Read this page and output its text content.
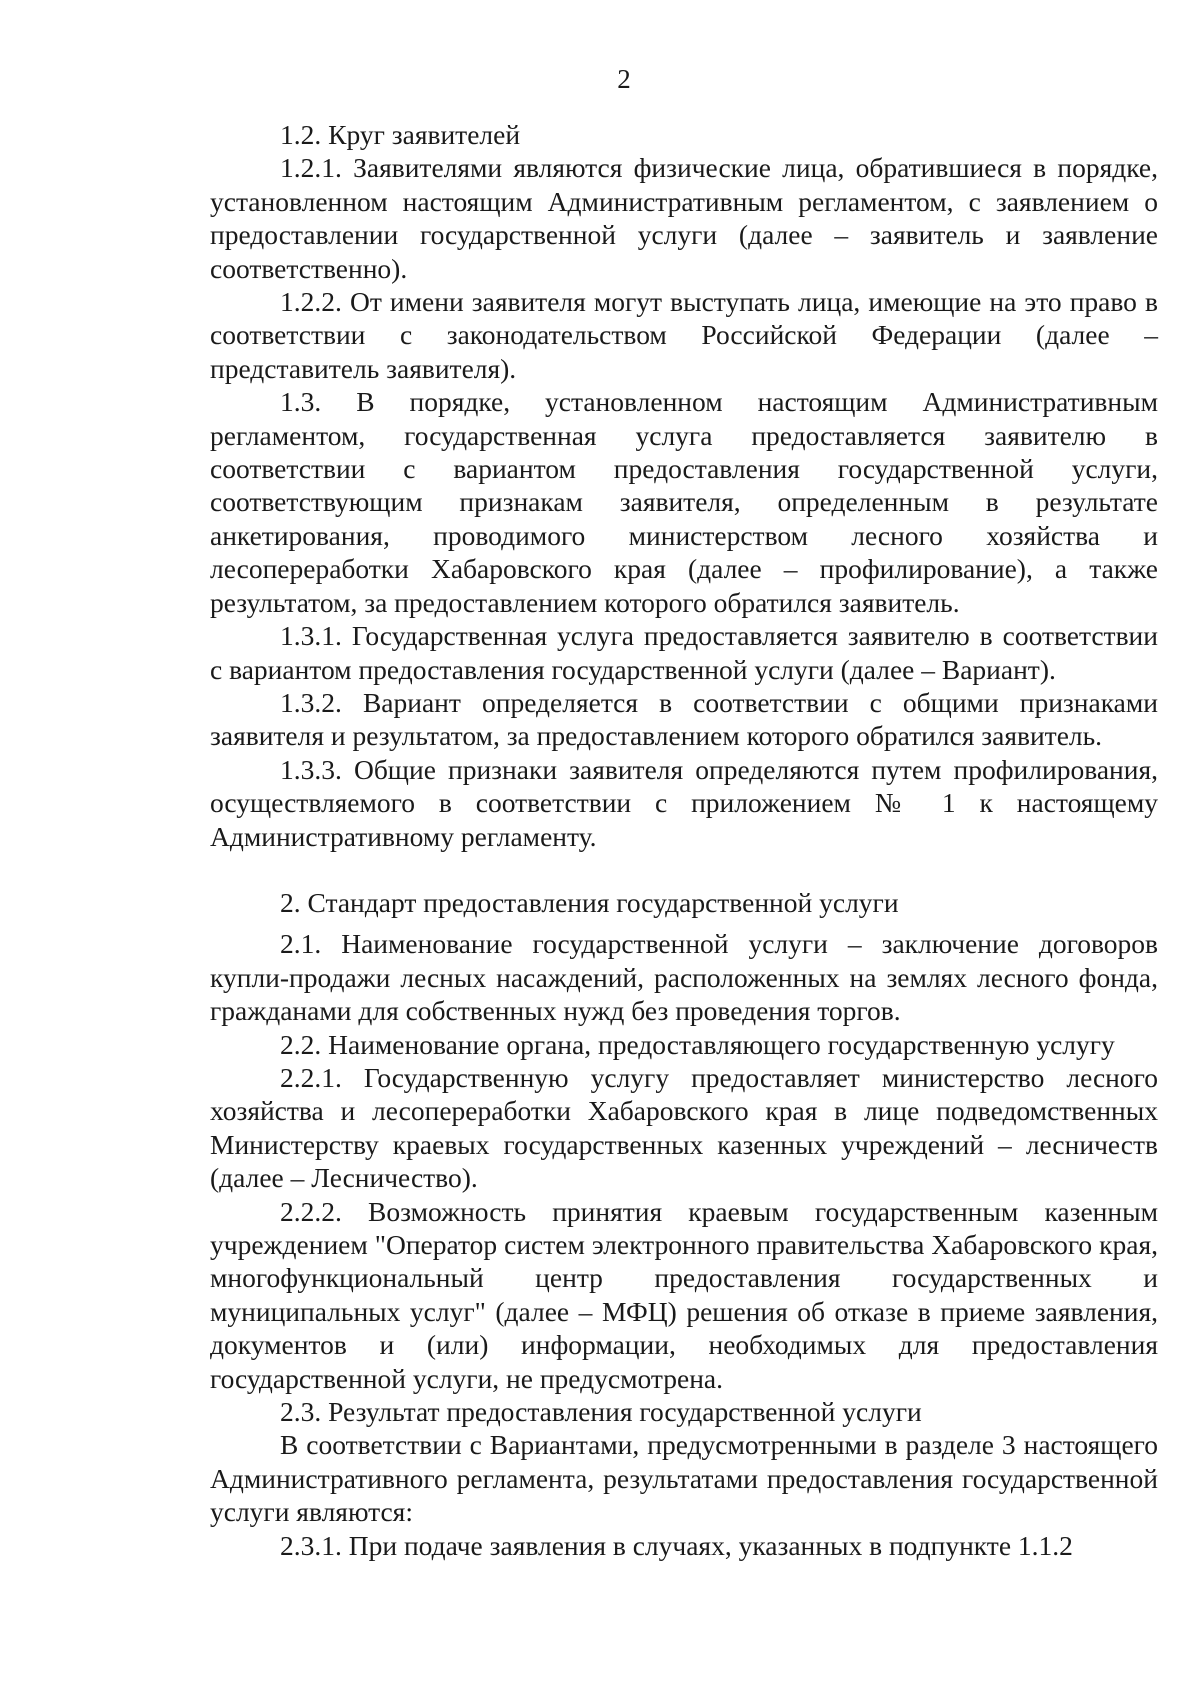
2

1.2. Круг заявителей

1.2.1. Заявителями являются физические лица, обратившиеся в порядке, установленном настоящим Административным регламентом, с заявлением о предоставлении государственной услуги (далее – заявитель и заявление соответственно).

1.2.2. От имени заявителя могут выступать лица, имеющие на это право в соответствии с законодательством Российской Федерации (далее – представитель заявителя).

1.3. В порядке, установленном настоящим Административным регламентом, государственная услуга предоставляется заявителю в соответствии с вариантом предоставления государственной услуги, соответствующим признакам заявителя, определенным в результате анкетирования, проводимого министерством лесного хозяйства и лесопереработки Хабаровского края (далее – профилирование), а также результатом, за предоставлением которого обратился заявитель.

1.3.1. Государственная услуга предоставляется заявителю в соответствии с вариантом предоставления государственной услуги (далее – Вариант).

1.3.2. Вариант определяется в соответствии с общими признаками заявителя и результатом, за предоставлением которого обратился заявитель.

1.3.3. Общие признаки заявителя определяются путем профилирования, осуществляемого в соответствии с приложением № 1 к настоящему Административному регламенту.

2. Стандарт предоставления государственной услуги

2.1. Наименование государственной услуги – заключение договоров купли-продажи лесных насаждений, расположенных на землях лесного фонда, гражданами для собственных нужд без проведения торгов.

2.2. Наименование органа, предоставляющего государственную услугу

2.2.1. Государственную услугу предоставляет министерство лесного хозяйства и лесопереработки Хабаровского края в лице подведомственных Министерству краевых государственных казенных учреждений – лесничеств (далее – Лесничество).

2.2.2. Возможность принятия краевым государственным казенным учреждением "Оператор систем электронного правительства Хабаровского края, многофункциональный центр предоставления государственных и муниципальных услуг" (далее – МФЦ) решения об отказе в приеме заявления, документов и (или) информации, необходимых для предоставления государственной услуги, не предусмотрена.

2.3. Результат предоставления государственной услуги

В соответствии с Вариантами, предусмотренными в разделе 3 настоящего Административного регламента, результатами предоставления государственной услуги являются:

2.3.1. При подаче заявления в случаях, указанных в подпункте 1.1.2
